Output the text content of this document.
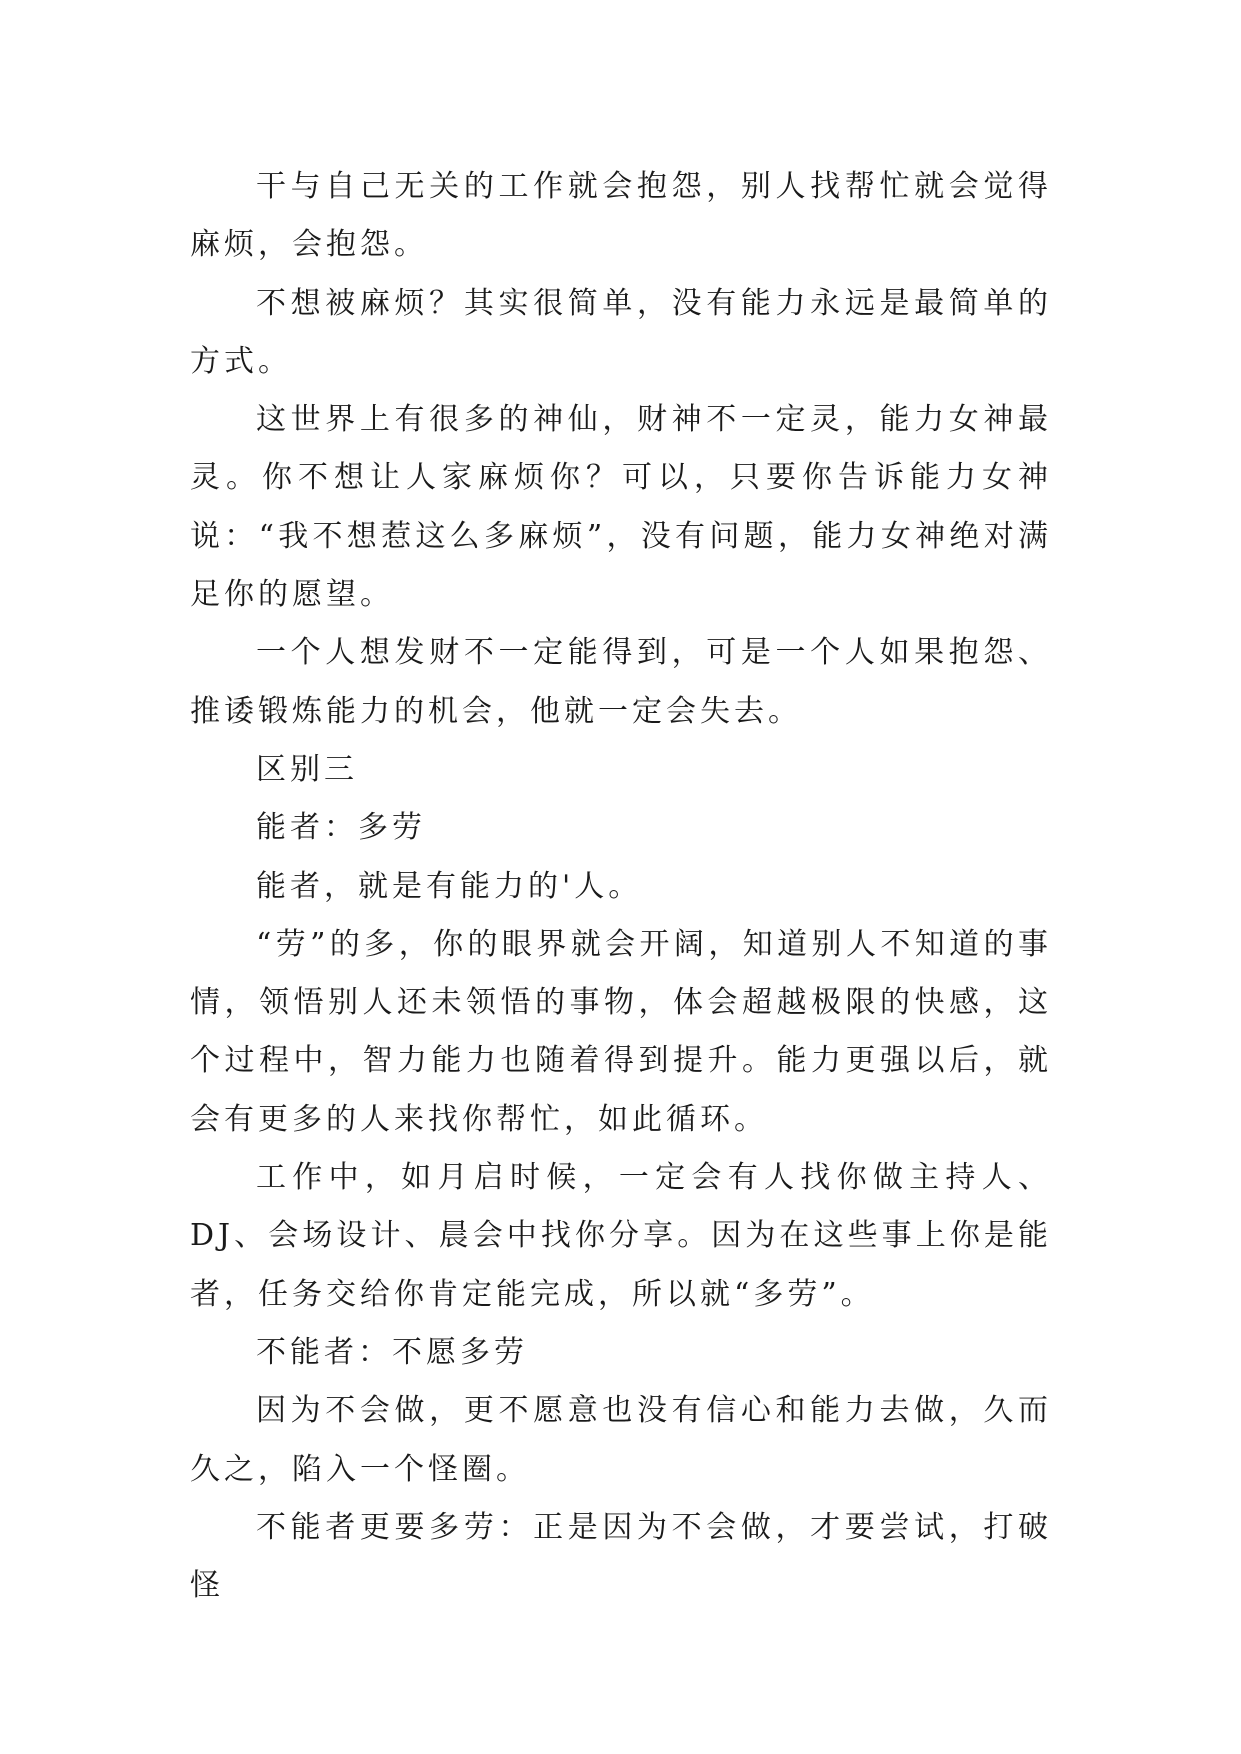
干与自己无关的工作就会抱怨，别人找帮忙就会觉得麻烦，会抱怨。

不想被麻烦？其实很简单，没有能力永远是最简单的方式。

这世界上有很多的神仙，财神不一定灵，能力女神最灵。你不想让人家麻烦你？可以，只要你告诉能力女神说：“我不想惹这么多麻烦”，没有问题，能力女神绝对满足你的愿望。

一个人想发财不一定能得到，可是一个人如果抱怨、推诿锻炼能力的机会，他就一定会失去。

区别三

能者：多劳

能者，就是有能力的'人。

“劳”的多，你的眼界就会开阔，知道别人不知道的事情，领悟别人还未领悟的事物，体会超越极限的快感，这个过程中，智力能力也随着得到提升。能力更强以后，就会有更多的人来找你帮忙，如此循环。

工作中，如月启时候，一定会有人找你做主持人、DJ、会场设计、晨会中找你分享。因为在这些事上你是能者，任务交给你肯定能完成，所以就“多劳”。

不能者：不愿多劳

因为不会做，更不愿意也没有信心和能力去做，久而久之，陷入一个怪圈。

不能者更要多劳：正是因为不会做，才要尝试，打破怪
